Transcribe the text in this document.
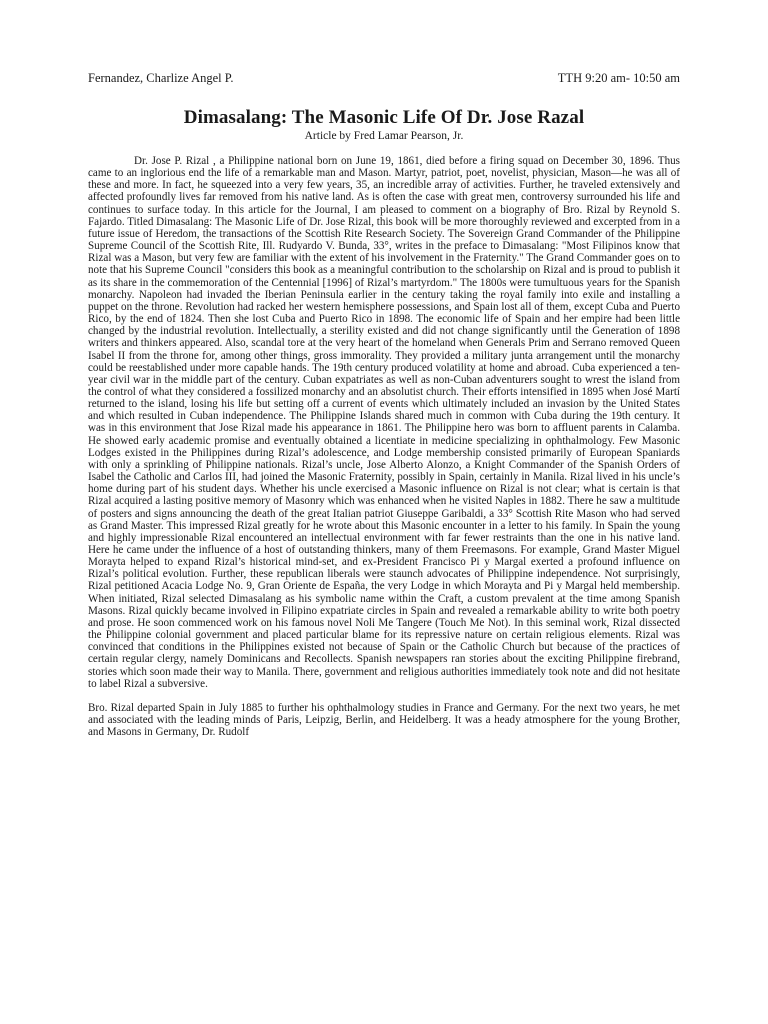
Fernandez, Charlize Angel P.	TTH 9:20 am- 10:50 am
Dimasalang: The Masonic Life Of Dr. Jose Razal
Article by Fred Lamar Pearson, Jr.

Dr. Jose P. Rizal , a Philippine national born on June 19, 1861, died before a firing squad on December 30, 1896. Thus came to an inglorious end the life of a remarkable man and Mason. Martyr, patriot, poet, novelist, physician, Mason—he was all of these and more. In fact, he squeezed into a very few years, 35, an incredible array of activities. Further, he traveled extensively and affected profoundly lives far removed from his native land. As is often the case with great men, controversy surrounded his life and continues to surface today. In this article for the Journal, I am pleased to comment on a biography of Bro. Rizal by Reynold S. Fajardo. Titled Dimasalang: The Masonic Life of Dr. Jose Rizal, this book will be more thoroughly reviewed and excerpted from in a future issue of Heredom, the transactions of the Scottish Rite Research Society. The Sovereign Grand Commander of the Philippine Supreme Council of the Scottish Rite, Ill. Rudyardo V. Bunda, 33°, writes in the preface to Dimasalang: "Most Filipinos know that Rizal was a Mason, but very few are familiar with the extent of his involvement in the Fraternity." The Grand Commander goes on to note that his Supreme Council "considers this book as a meaningful contribution to the scholarship on Rizal and is proud to publish it as its share in the commemoration of the Centennial [1996] of Rizal’s martyrdom." The 1800s were tumultuous years for the Spanish monarchy. Napoleon had invaded the Iberian Peninsula earlier in the century taking the royal family into exile and installing a puppet on the throne. Revolution had racked her western hemisphere possessions, and Spain lost all of them, except Cuba and Puerto Rico, by the end of 1824. Then she lost Cuba and Puerto Rico in 1898. The economic life of Spain and her empire had been little changed by the industrial revolution. Intellectually, a sterility existed and did not change significantly until the Generation of 1898 writers and thinkers appeared. Also, scandal tore at the very heart of the homeland when Generals Prim and Serrano removed Queen Isabel II from the throne for, among other things, gross immorality. They provided a military junta arrangement until the monarchy could be reestablished under more capable hands. The 19th century produced volatility at home and abroad. Cuba experienced a ten-year civil war in the middle part of the century. Cuban expatriates as well as non-Cuban adventurers sought to wrest the island from the control of what they considered a fossilized monarchy and an absolutist church. Their efforts intensified in 1895 when José Martí returned to the island, losing his life but setting off a current of events which ultimately included an invasion by the United States and which resulted in Cuban independence. The Philippine Islands shared much in common with Cuba during the 19th century. It was in this environment that Jose Rizal made his appearance in 1861. The Philippine hero was born to affluent parents in Calamba. He showed early academic promise and eventually obtained a licentiate in medicine specializing in ophthalmology. Few Masonic Lodges existed in the Philippines during Rizal’s adolescence, and Lodge membership consisted primarily of European Spaniards with only a sprinkling of Philippine nationals. Rizal’s uncle, Jose Alberto Alonzo, a Knight Commander of the Spanish Orders of Isabel the Catholic and Carlos III, had joined the Masonic Fraternity, possibly in Spain, certainly in Manila. Rizal lived in his uncle’s home during part of his student days. Whether his uncle exercised a Masonic influence on Rizal is not clear; what is certain is that Rizal acquired a lasting positive memory of Masonry which was enhanced when he visited Naples in 1882. There he saw a multitude of posters and signs announcing the death of the great Italian patriot Giuseppe Garibaldi, a 33° Scottish Rite Mason who had served as Grand Master. This impressed Rizal greatly for he wrote about this Masonic encounter in a letter to his family. In Spain the young and highly impressionable Rizal encountered an intellectual environment with far fewer restraints than the one in his native land. Here he came under the influence of a host of outstanding thinkers, many of them Freemasons. For example, Grand Master Miguel Morayta helped to expand Rizal’s historical mind-set, and ex-President Francisco Pi y Margal exerted a profound influence on Rizal’s political evolution. Further, these republican liberals were staunch advocates of Philippine independence. Not surprisingly, Rizal petitioned Acacia Lodge No. 9, Gran Oriente de España, the very Lodge in which Morayta and Pi y Margal held membership. When initiated, Rizal selected Dimasalang as his symbolic name within the Craft, a custom prevalent at the time among Spanish Masons. Rizal quickly became involved in Filipino expatriate circles in Spain and revealed a remarkable ability to write both poetry and prose. He soon commenced work on his famous novel Noli Me Tangere (Touch Me Not). In this seminal work, Rizal dissected the Philippine colonial government and placed particular blame for its repressive nature on certain religious elements. Rizal was convinced that conditions in the Philippines existed not because of Spain or the Catholic Church but because of the practices of certain regular clergy, namely Dominicans and Recollects. Spanish newspapers ran stories about the exciting Philippine firebrand, stories which soon made their way to Manila. There, government and religious authorities immediately took note and did not hesitate to label Rizal a subversive.

Bro. Rizal departed Spain in July 1885 to further his ophthalmology studies in France and Germany. For the next two years, he met and associated with the leading minds of Paris, Leipzig, Berlin, and Heidelberg. It was a heady atmosphere for the young Brother, and Masons in Germany, Dr. Rudolf
